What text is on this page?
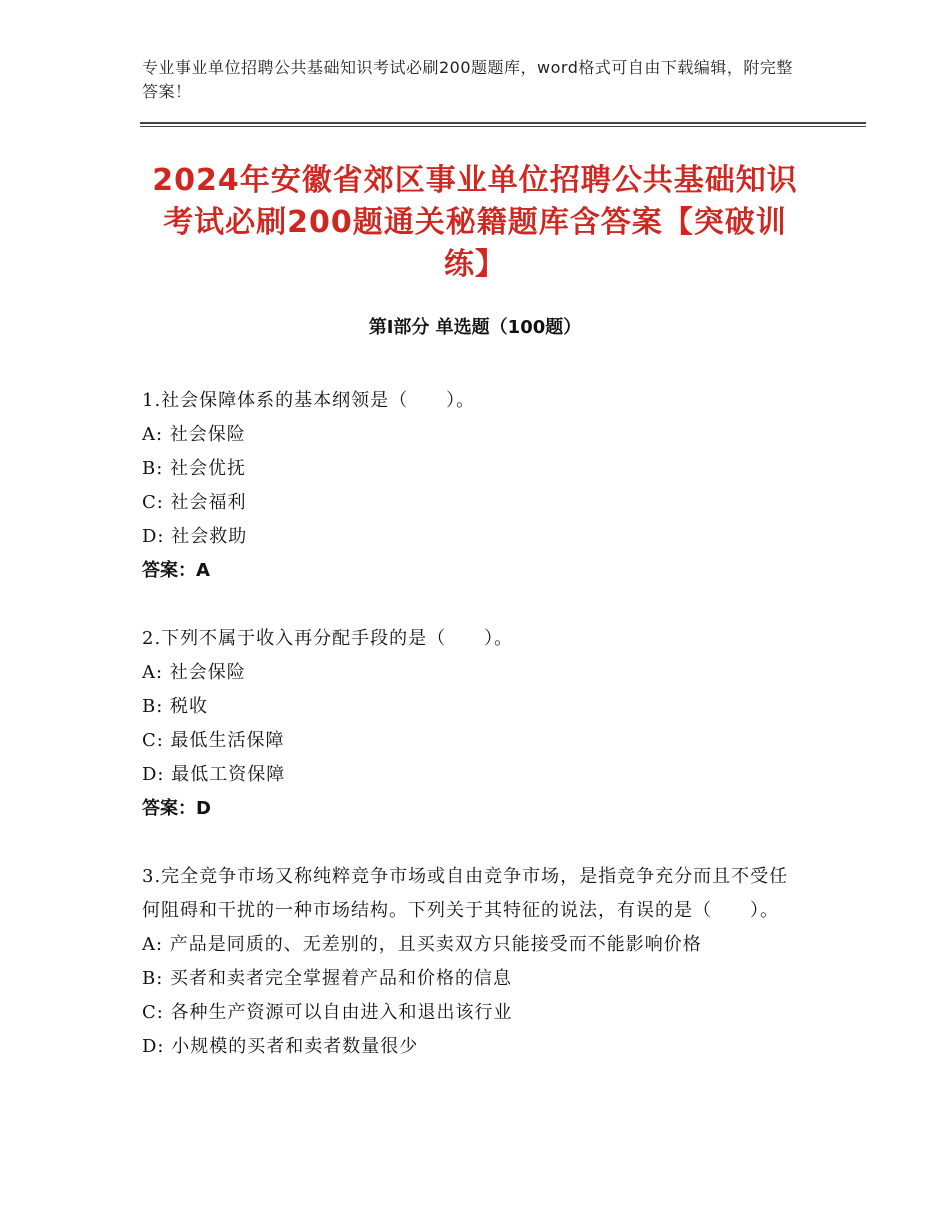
专业事业单位招聘公共基础知识考试必刷200题题库，word格式可自由下载编辑，附完整答案！
2024年安徽省郊区事业单位招聘公共基础知识考试必刷200题通关秘籍题库含答案【突破训练】
第Ⅰ部分 单选题（100题）
1.社会保障体系的基本纲领是（　　）。
A: 社会保险
B: 社会优抚
C: 社会福利
D: 社会救助
答案：A
2.下列不属于收入再分配手段的是（　　）。
A: 社会保险
B: 税收
C: 最低生活保障
D: 最低工资保障
答案：D
3.完全竞争市场又称纯粹竞争市场或自由竞争市场，是指竞争充分而且不受任何阻碍和干扰的一种市场结构。下列关于其特征的说法，有误的是（　　）。
A: 产品是同质的、无差别的，且买卖双方只能接受而不能影响价格
B: 买者和卖者完全掌握着产品和价格的信息
C: 各种生产资源可以自由进入和退出该行业
D: 小规模的买者和卖者数量很少
